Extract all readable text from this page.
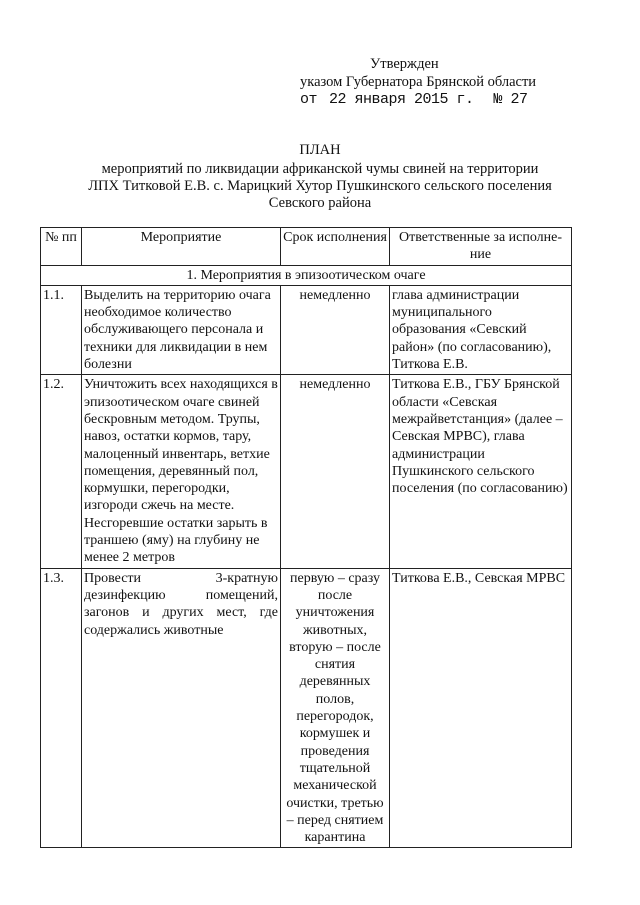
Утвержден
указом Губернатора Брянской области
от 22 января 2015 г. № 27
ПЛАН
мероприятий по ликвидации африканской чумы свиней на территории
ЛПХ Титковой Е.В. с. Марицкий Хутор Пушкинского сельского поселения
Севского района
№ пп	Мероприятие	Срок исполнения	Ответственные за исполне-ние
1. Мероприятия в эпизоотическом очаге			
1.1.	Выделить на территорию очага необходимое количество обслуживающего персонала и техники для ликвидации в нем болезни	немедленно	глава администрации муниципального образования «Севский район» (по согласованию), Титкова Е.В.
1.2.	Уничтожить всех находящихся в эпизоотическом очаге свиней бескровным методом. Трупы, навоз, остатки кормов, тару, малоценный инвентарь, ветхие помещения, деревянный пол, кормушки, перегородки, изгороди сжечь на месте. Несгоревшие остатки зарыть в траншею (яму) на глубину не менее 2 метров	немедленно	Титкова Е.В., ГБУ Брянской области «Севская межрайветстанция» (далее – Севская МРВС), глава администрации Пушкинского сельского поселения (по согласованию)
1.3.	Провести 3-кратную дезинфекцию помещений, загонов и других мест, где содержались животные	первую – сразу после уничтожения животных, вторую – после снятия деревянных полов, перегородок, кормушек и проведения тщательной механической очистки, третью – перед снятием карантина	Титкова Е.В., Севская МРВС
